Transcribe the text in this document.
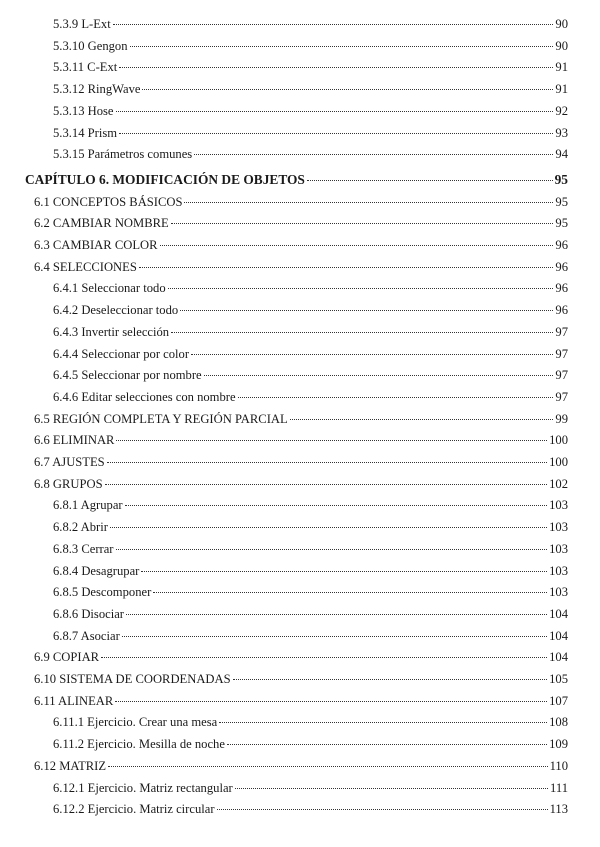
5.3.9 L-Ext	90
5.3.10 Gengon	90
5.3.11 C-Ext	91
5.3.12 RingWave	91
5.3.13 Hose	92
5.3.14 Prism	93
5.3.15 Parámetros comunes	94
CAPÍTULO 6. MODIFICACIÓN DE OBJETOS	95
6.1 CONCEPTOS BÁSICOS	95
6.2 CAMBIAR NOMBRE	95
6.3 CAMBIAR COLOR	96
6.4 SELECCIONES	96
6.4.1 Seleccionar todo	96
6.4.2 Deseleccionar todo	96
6.4.3 Invertir selección	97
6.4.4 Seleccionar por color	97
6.4.5 Seleccionar por nombre	97
6.4.6 Editar selecciones con nombre	97
6.5 REGIÓN COMPLETA Y REGIÓN PARCIAL	99
6.6 ELIMINAR	100
6.7 AJUSTES	100
6.8 GRUPOS	102
6.8.1 Agrupar	103
6.8.2 Abrir	103
6.8.3 Cerrar	103
6.8.4 Desagrupar	103
6.8.5 Descomponer	103
6.8.6 Disociar	104
6.8.7 Asociar	104
6.9 COPIAR	104
6.10 SISTEMA DE COORDENADAS	105
6.11 ALINEAR	107
6.11.1 Ejercicio. Crear una mesa	108
6.11.2 Ejercicio. Mesilla de noche	109
6.12 MATRIZ	110
6.12.1 Ejercicio. Matriz rectangular	111
6.12.2 Ejercicio. Matriz circular	113
